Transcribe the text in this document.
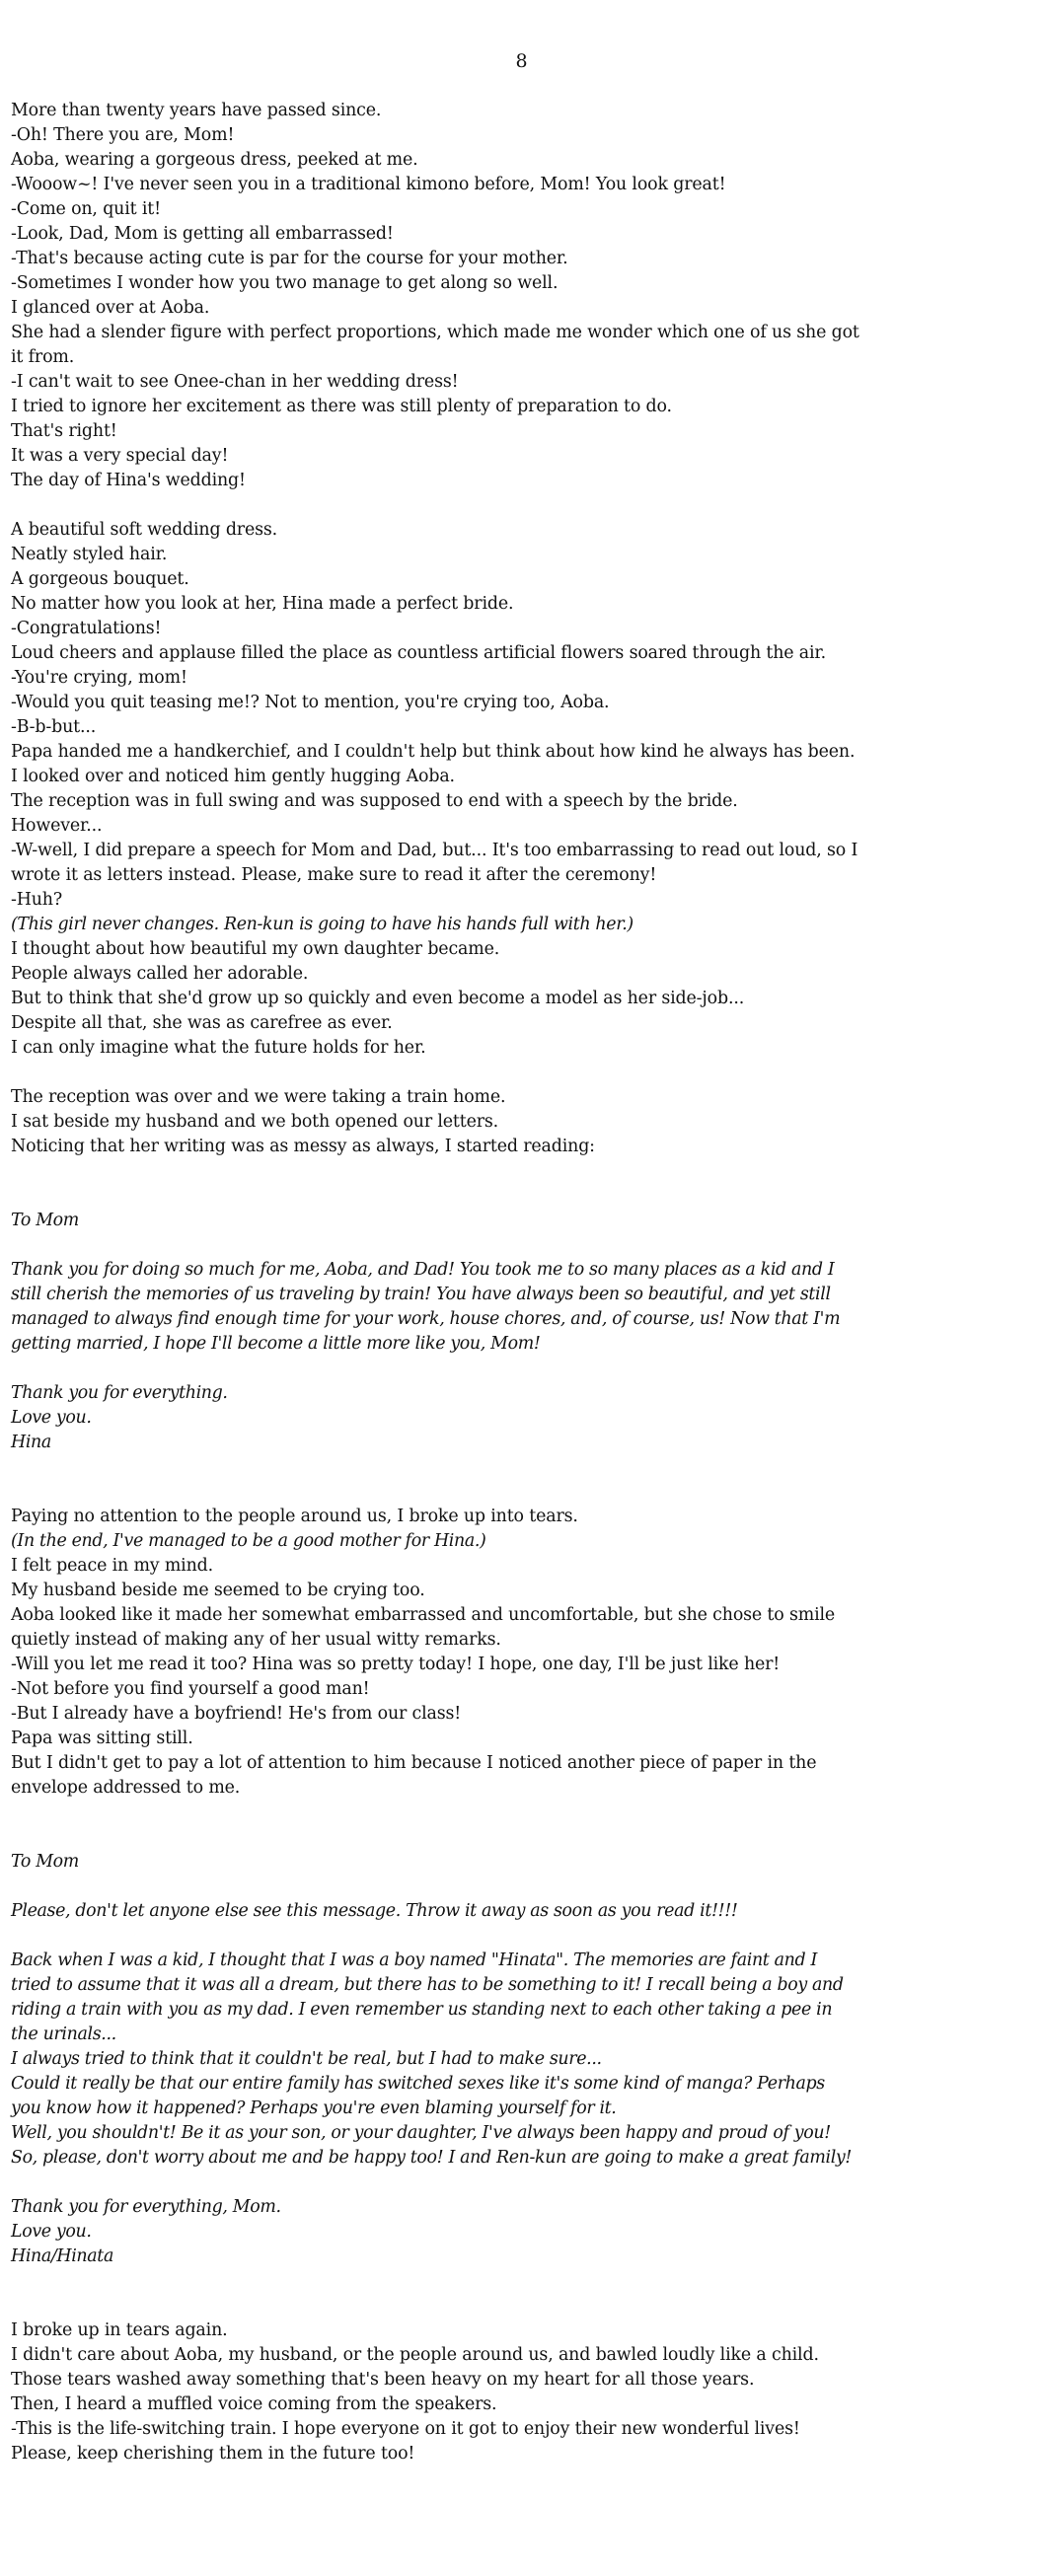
8
More than twenty years have passed since.
-Oh! There you are, Mom!
Aoba, wearing a gorgeous dress, peeked at me.
-Wooow~! I've never seen you in a traditional kimono before, Mom! You look great!
-Come on, quit it!
-Look, Dad, Mom is getting all embarrassed!
-That's because acting cute is par for the course for your mother.
-Sometimes I wonder how you two manage to get along so well.
I glanced over at Aoba.
She had a slender figure with perfect proportions, which made me wonder which one of us she got
it from.
-I can't wait to see Onee-chan in her wedding dress!
I tried to ignore her excitement as there was still plenty of preparation to do.
That's right!
It was a very special day!
The day of Hina's wedding!
A beautiful soft wedding dress.
Neatly styled hair.
A gorgeous bouquet.
No matter how you look at her, Hina made a perfect bride.
-Congratulations!
Loud cheers and applause filled the place as countless artificial flowers soared through the air.
-You're crying, mom!
-Would you quit teasing me!? Not to mention, you're crying too, Aoba.
-B-b-but...
Papa handed me a handkerchief, and I couldn't help but think about how kind he always has been.
I looked over and noticed him gently hugging Aoba.
The reception was in full swing and was supposed to end with a speech by the bride.
However...
-W-well, I did prepare a speech for Mom and Dad, but... It's too embarrassing to read out loud, so I
wrote it as letters instead. Please, make sure to read it after the ceremony!
-Huh?
(This girl never changes. Ren-kun is going to have his hands full with her.)
I thought about how beautiful my own daughter became.
People always called her adorable.
But to think that she'd grow up so quickly and even become a model as her side-job...
Despite all that, she was as carefree as ever.
I can only imagine what the future holds for her.
The reception was over and we were taking a train home.
I sat beside my husband and we both opened our letters.
Noticing that her writing was as messy as always, I started reading:
To Mom
Thank you for doing so much for me, Aoba, and Dad! You took me to so many places as a kid and I
still cherish the memories of us traveling by train! You have always been so beautiful, and yet still
managed to always find enough time for your work, house chores, and, of course, us! Now that I'm
getting married, I hope I'll become a little more like you, Mom!
Thank you for everything.
Love you.
Hina
Paying no attention to the people around us, I broke up into tears.
(In the end, I've managed to be a good mother for Hina.)
I felt peace in my mind.
My husband beside me seemed to be crying too.
Aoba looked like it made her somewhat embarrassed and uncomfortable, but she chose to smile
quietly instead of making any of her usual witty remarks.
-Will you let me read it too? Hina was so pretty today! I hope, one day, I'll be just like her!
-Not before you find yourself a good man!
-But I already have a boyfriend! He's from our class!
Papa was sitting still.
But I didn't get to pay a lot of attention to him because I noticed another piece of paper in the
envelope addressed to me.
To Mom
Please, don't let anyone else see this message. Throw it away as soon as you read it!!!!
Back when I was a kid, I thought that I was a boy named "Hinata". The memories are faint and I
tried to assume that it was all a dream, but there has to be something to it! I recall being a boy and
riding a train with you as my dad. I even remember us standing next to each other taking a pee in
the urinals...
I always tried to think that it couldn't be real, but I had to make sure...
Could it really be that our entire family has switched sexes like it's some kind of manga? Perhaps
you know how it happened? Perhaps you're even blaming yourself for it.
Well, you shouldn't! Be it as your son, or your daughter, I've always been happy and proud of you!
So, please, don't worry about me and be happy too! I and Ren-kun are going to make a great family!
Thank you for everything, Mom.
Love you.
Hina/Hinata
I broke up in tears again.
I didn't care about Aoba, my husband, or the people around us, and bawled loudly like a child.
Those tears washed away something that's been heavy on my heart for all those years.
Then, I heard a muffled voice coming from the speakers.
-This is the life-switching train. I hope everyone on it got to enjoy their new wonderful lives!
Please, keep cherishing them in the future too!
